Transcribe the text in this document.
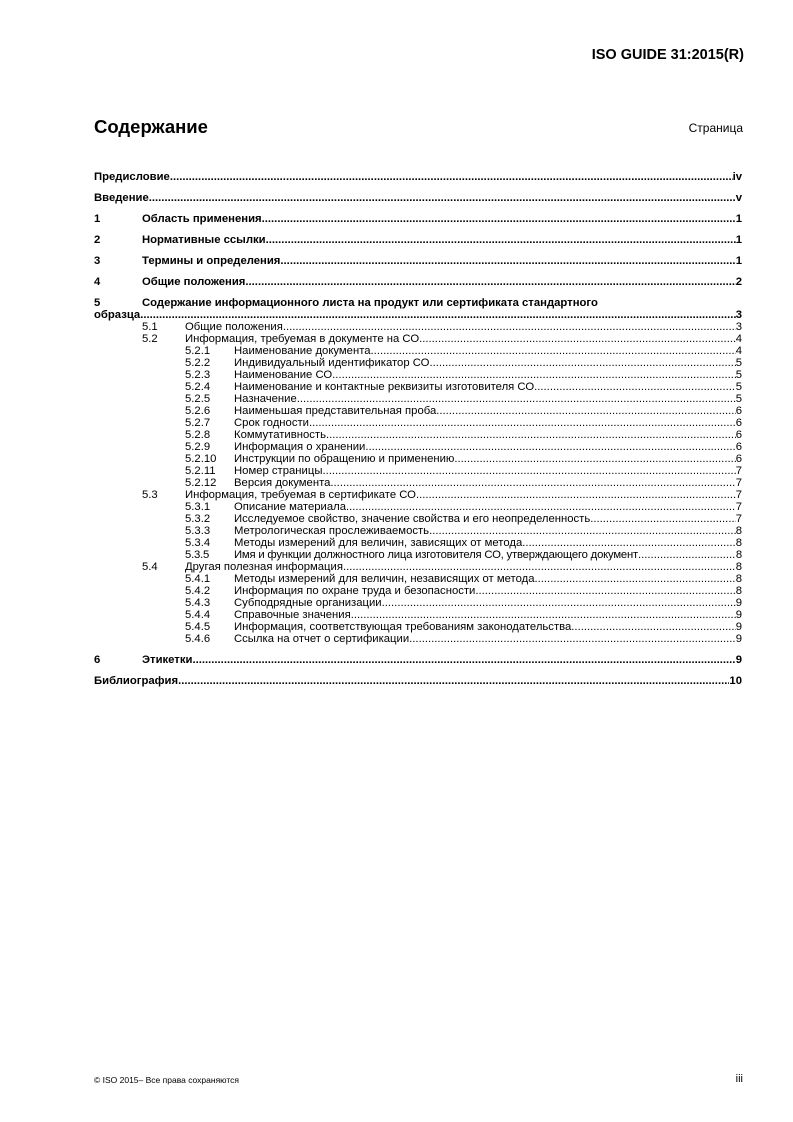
ISO GUIDE 31:2015(R)
Содержание	Страница
Предисловие .....	iv
Введение .....	v
1	Область применения .....	1
2	Нормативные ссылки .....	1
3	Термины и определения .....	1
4	Общие положения .....	2
5	Содержание информационного листа на продукт или сертификата стандартного
образца .....	3
5.1	Общие положения .....	3
5.2	Информация, требуемая в документе на СО .....	4
5.2.1	Наименование документа .....	4
5.2.2	Индивидуальный идентификатор СО .....	5
5.2.3	Наименование СО .....	5
5.2.4	Наименование и контактные реквизиты изготовителя СО .....	5
5.2.5	Назначение .....	5
5.2.6	Наименьшая представительная проба .....	6
5.2.7	Срок годности .....	6
5.2.8	Коммутативность .....	6
5.2.9	Информация о хранении .....	6
5.2.10	Инструкции по обращению и применению .....	6
5.2.11	Номер страницы .....	7
5.2.12	Версия документа .....	7
5.3	Информация, требуемая в сертификате СО .....	7
5.3.1	Описание материала .....	7
5.3.2	Исследуемое свойство, значение свойства и его неопределенность .....	7
5.3.3	Метрологическая прослеживаемость .....	8
5.3.4	Методы измерений для величин, зависящих от метода .....	8
5.3.5	Имя и функции должностного лица изготовителя СО, утверждающего документ .....	8
5.4	Другая полезная информация .....	8
5.4.1	Методы измерений для величин, независящих от метода .....	8
5.4.2	Информация по охране труда и безопасности .....	8
5.4.3	Субподрядные организации .....	9
5.4.4	Справочные значения .....	9
5.4.5	Информация, соответствующая требованиям законодательства .....	9
5.4.6	Ссылка на отчет о сертификации .....	9
6	Этикетки .....	9
Библиография .....	10
© ISO 2015– Все права сохраняются	iii
